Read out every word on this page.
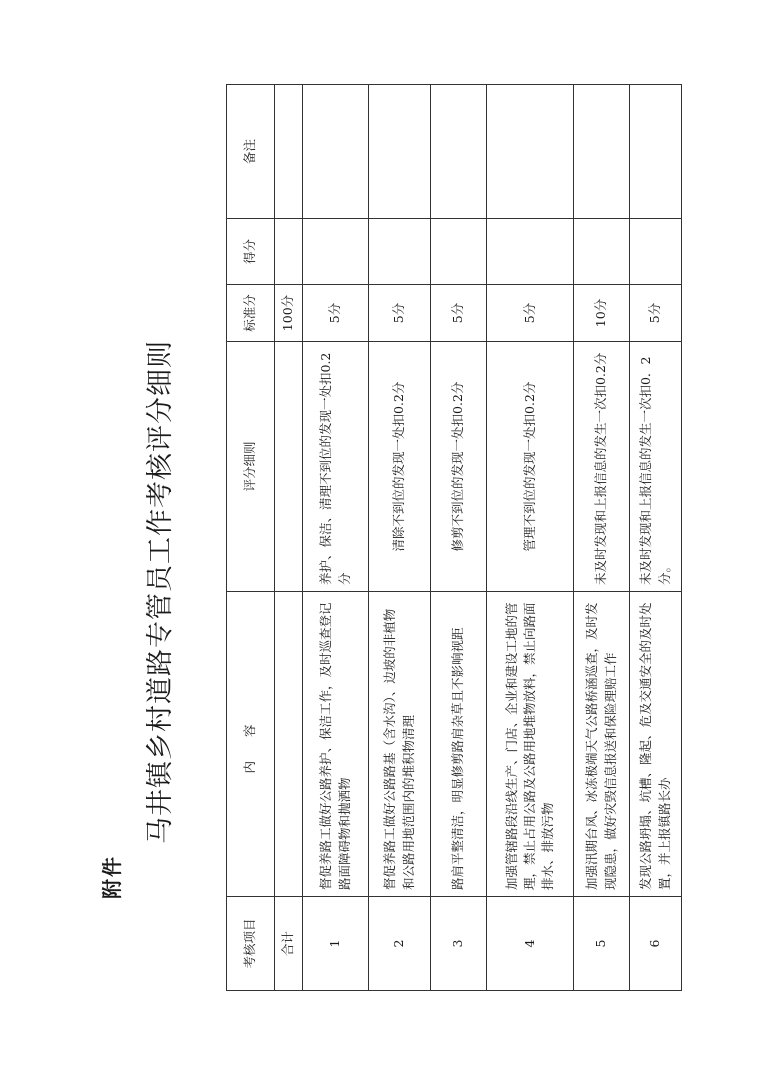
附件
马井镇乡村道路专管员工作考核评分细则
考核项目	内 容	评分细则	标准分	得分	备注
合计			100分		
1	督促养路工做好公路养护、保洁工作，及时巡查登记路面障碍物和抛洒物	养护、保洁、清理不到位的发现一处扣0.2分	5分		
2	督促养路工做好公路路基（含水沟）、边坡的非植物和公路用地范围内的堆积物清理	清除不到位的发现一处扣0.2分	5分		
3	路肩平整清洁，明显修剪路肩杂草且不影响视距	修剪不到位的发现一处扣0.2分	5分		
4	加强管辖路段沿线生产、门店、企业和建设工地的管理，禁止占用公路及公路用地堆物放料，禁止向路面排水、排放污物	管理不到位的发现一处扣0.2分	5分		
5	加强汛期台风、冰冻极端天气公路桥涵巡查，及时发现隐患，做好灾毁信息报送和保险理赔工作	未及时发现和上报信息的发生一次扣0.2分	10分		
6	发现公路坍塌、坑槽、隆起、危及交通安全的及时处置，并上报镇路长办	未及时发现和上报信息的发生一次扣0．2分。	5分		
